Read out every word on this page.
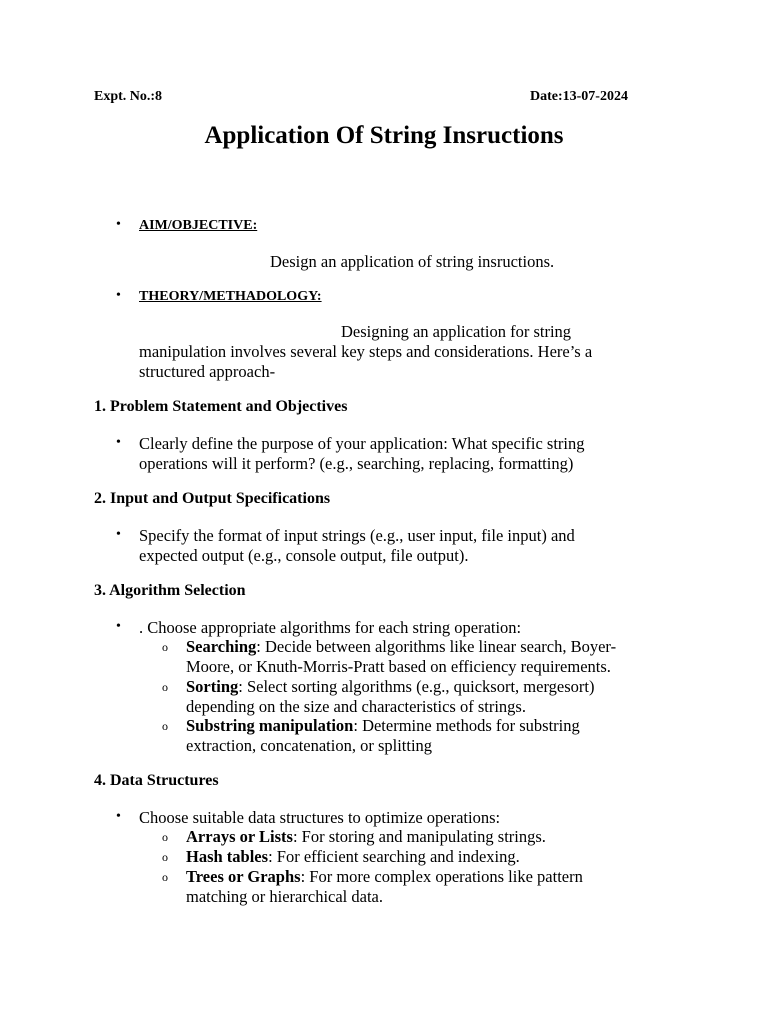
Expt. No.:8	Date:13-07-2024
Application Of String Insructions
• AIM/OBJECTIVE:
Design an application of string insructions.
• THEORY/METHADOLOGY:
Designing an application for string
manipulation involves several key steps and considerations. Here’s a
structured approach-
1. Problem Statement and Objectives
• Clearly define the purpose of your application: What specific string
operations will it perform? (e.g., searching, replacing, formatting)
2. Input and Output Specifications
• Specify the format of input strings (e.g., user input, file input) and
expected output (e.g., console output, file output).
3. Algorithm Selection
• . Choose appropriate algorithms for each string operation:
o Searching: Decide between algorithms like linear search, Boyer-
Moore, or Knuth-Morris-Pratt based on efficiency requirements.
o Sorting: Select sorting algorithms (e.g., quicksort, mergesort)
depending on the size and characteristics of strings.
o Substring manipulation: Determine methods for substring
extraction, concatenation, or splitting
4. Data Structures
• Choose suitable data structures to optimize operations:
o Arrays or Lists: For storing and manipulating strings.
o Hash tables: For efficient searching and indexing.
o Trees or Graphs: For more complex operations like pattern
matching or hierarchical data.
